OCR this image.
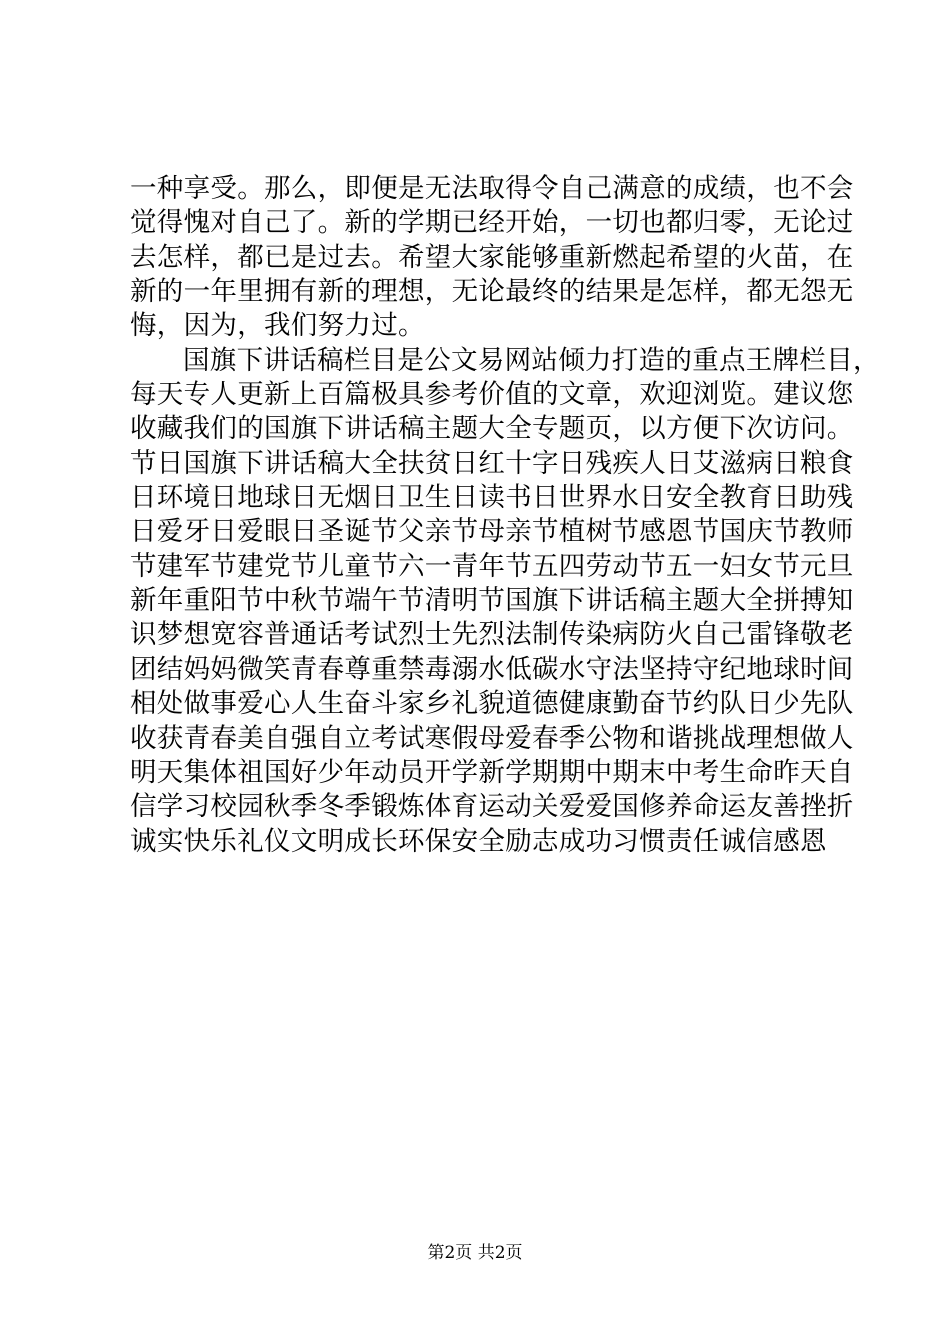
一种享受。那么，即便是无法取得令自己满意的成绩，也不会
觉得愧对自己了。新的学期已经开始，一切也都归零，无论过
去怎样，都已是过去。希望大家能够重新燃起希望的火苗，在
新的一年里拥有新的理想，无论最终的结果是怎样，都无怨无
悔，因为，我们努力过。
国旗下讲话稿栏目是公文易网站倾力打造的重点王牌栏目，
每天专人更新上百篇极具参考价值的文章，欢迎浏览。建议您
收藏我们的国旗下讲话稿主题大全专题页，以方便下次访问。
节日国旗下讲话稿大全扶贫日红十字日残疾人日艾滋病日粮食
日环境日地球日无烟日卫生日读书日世界水日安全教育日助残
日爱牙日爱眼日圣诞节父亲节母亲节植树节感恩节国庆节教师
节建军节建党节儿童节六一青年节五四劳动节五一妇女节元旦
新年重阳节中秋节端午节清明节国旗下讲话稿主题大全拼搏知
识梦想宽容普通话考试烈士先烈法制传染病防火自己雷锋敬老
团结妈妈微笑青春尊重禁毒溺水低碳水守法坚持守纪地球时间
相处做事爱心人生奋斗家乡礼貌道德健康勤奋节约队日少先队
收获青春美自强自立考试寒假母爱春季公物和谐挑战理想做人
明天集体祖国好少年动员开学新学期期中期末中考生命昨天自
信学习校园秋季冬季锻炼体育运动关爱爱国修养命运友善挫折
诚实快乐礼仪文明成长环保安全励志成功习惯责任诚信感恩
第2页 共2页
